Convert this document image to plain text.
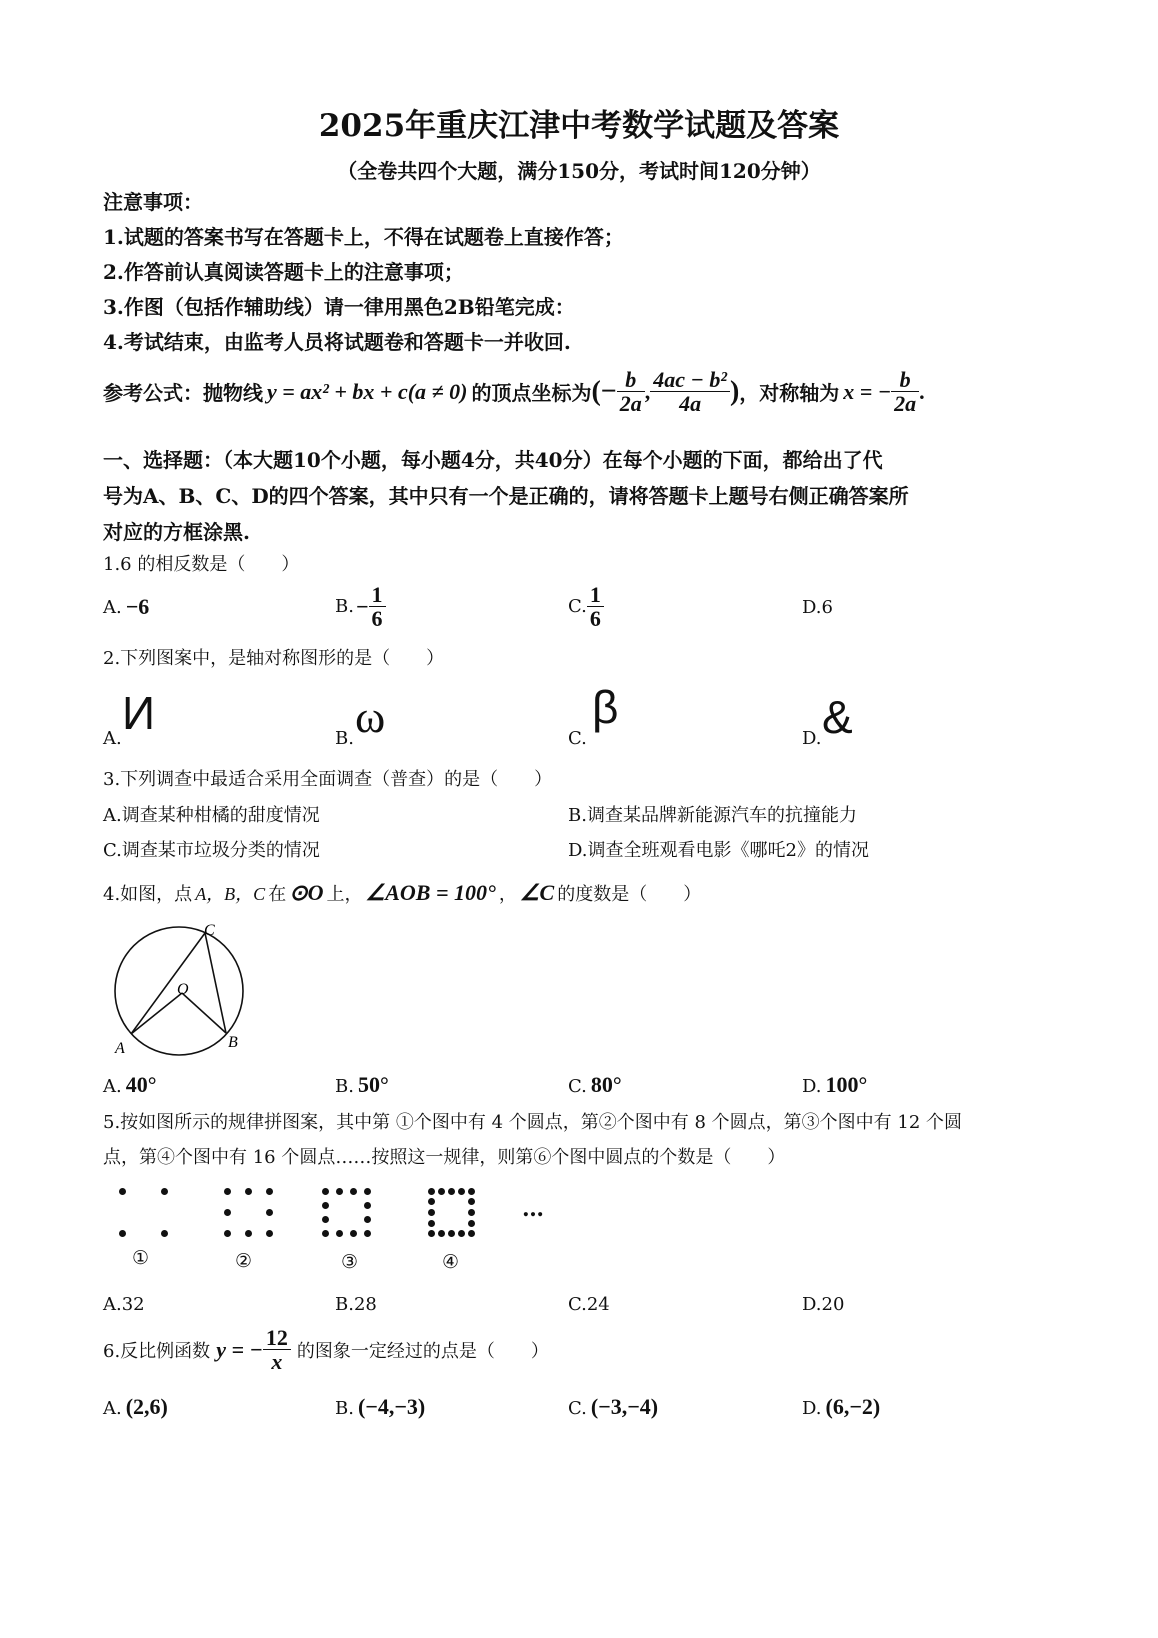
2025年重庆江津中考数学试题及答案
（全卷共四个大题，满分150分，考试时间120分钟）
注意事项：
1.试题的答案书写在答题卡上，不得在试题卷上直接作答；
2.作答前认真阅读答题卡上的注意事项；
3.作图（包括作辅助线）请一律用黑色2B铅笔完成：
4.考试结束，由监考人员将试题卷和答题卡一并收回.
参考公式：抛物线 y = ax² + bx + c(a ≠ 0) 的顶点坐标为 (− $\frac{b}{2a}$ , $\frac{\text{4ac − b²}}{4a}$ ) ，对称轴为 x = − $\frac{b}{2a}$ .
一、选择题：（本大题10个小题，每小题4分，共40分）在每个小题的下面，都给出了代
号为A、B、C、D的四个答案，其中只有一个是正确的，请将答题卡上题号右侧正确答案所
对应的方框涂黑.
1.6 的相反数是（　　）
A. −6	B. − $\frac{1}{6}$	C. $\frac{1}{6}$	D.6
2.下列图案中，是轴对称图形的是（　　）
A. И	B. ω	C.
β
D. &
3.下列调查中最适合采用全面调查（普查）的是（　　）
A.调查某种柑橘的甜度情况	B.调查某品牌新能源汽车的抗撞能力
C.调查某市垃圾分类的情况	D.调查全班观看电影《哪吒2》的情况
4.如图，点 A，B，C 在 ⊙O 上， ∠AOB = 100° ， ∠C 的度数是（　　）
C
O
A	B
A. 40°	B. 50°	C. 80°	D. 100°
5.按如图所示的规律拼图案，其中第 ①个图中有 4 个圆点，第②个图中有 8 个圆点，第③个图中有 12 个圆
点，第④个图中有 16 个圆点……按照这一规律，则第⑥个图中圆点的个数是（　　）
…
①	②	③	④
A.32	B.28	C.24	D.20
6.反比例函数 y = − $\frac{12}{x}$ 的图象一定经过的点是（　　）
A. (2,6)	B. (−4,−3)	C. (−3,−4)	D. (6,−2)
